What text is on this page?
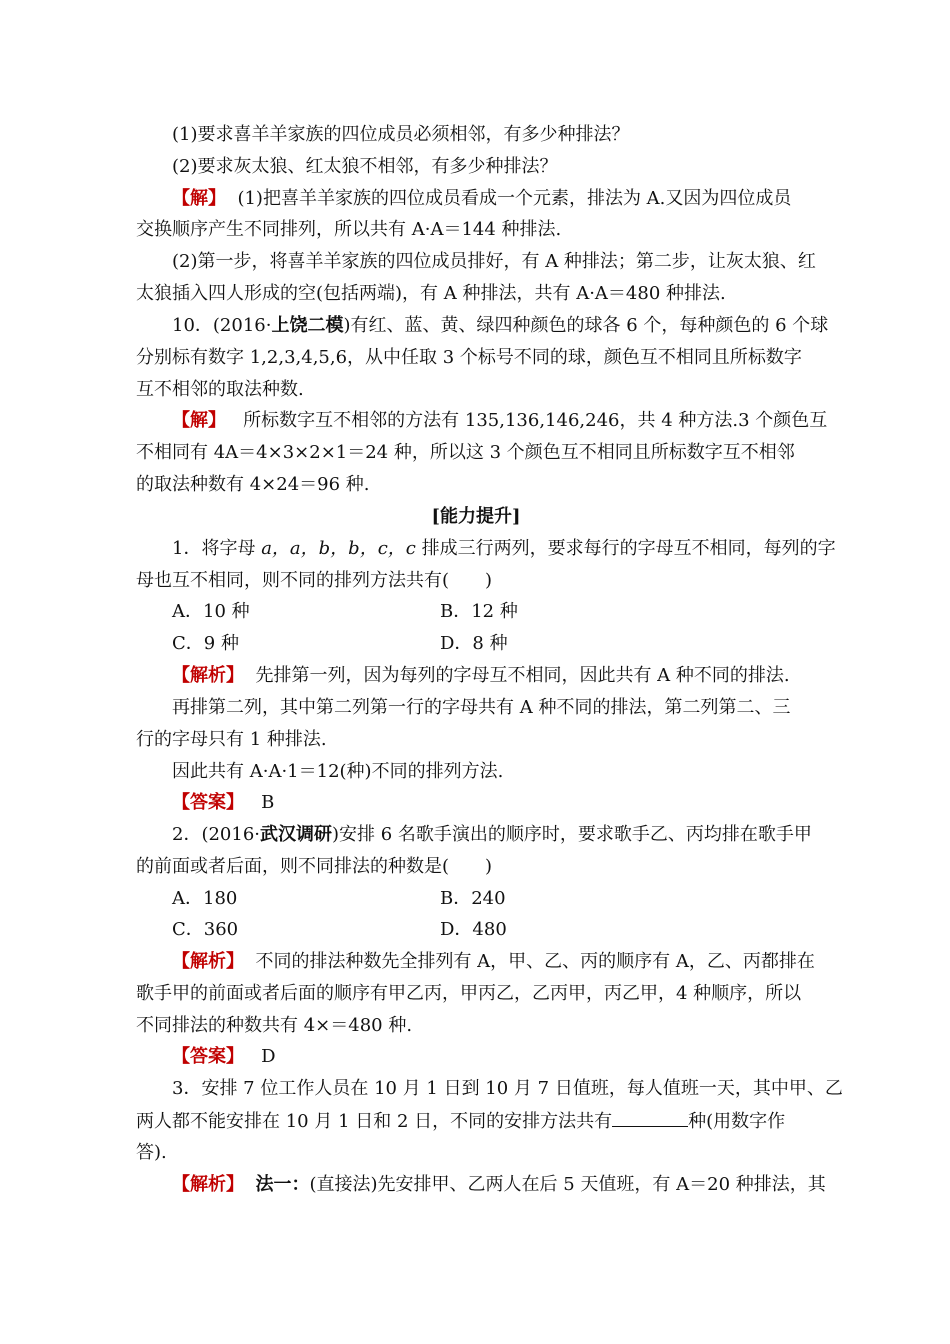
(1)要求喜羊羊家族的四位成员必须相邻，有多少种排法？
(2)要求灰太狼、红太狼不相邻，有多少种排法？
【解】 (1)把喜羊羊家族的四位成员看成一个元素，排法为 A.又因为四位成员
交换顺序产生不同排列，所以共有 A·A＝144 种排法.
(2)第一步，将喜羊羊家族的四位成员排好，有 A 种排法；第二步，让灰太狼、红
太狼插入四人形成的空(包括两端)，有 A 种排法，共有 A·A＝480 种排法.
10．(2016·上饶二模)有红、蓝、黄、绿四种颜色的球各 6 个，每种颜色的 6 个球
分别标有数字 1,2,3,4,5,6，从中任取 3 个标号不同的球，颜色互不相同且所标数字
互不相邻的取法种数.
【解】 所标数字互不相邻的方法有 135,136,146,246，共 4 种方法.3 个颜色互
不相同有 4A＝4×3×2×1＝24 种，所以这 3 个颜色互不相同且所标数字互不相邻
的取法种数有 4×24＝96 种.
[能力提升]
1．将字母 a，a，b，b，c，c 排成三行两列，要求每行的字母互不相同，每列的字
母也互不相同，则不同的排列方法共有(　　)
A．10 种	B．12 种
C．9 种	D．8 种
【解析】 先排第一列，因为每列的字母互不相同，因此共有 A 种不同的排法.
再排第二列，其中第二列第一行的字母共有 A 种不同的排法，第二列第二、三
行的字母只有 1 种排法.
因此共有 A·A·1＝12(种)不同的排列方法.
【答案】 B
2．(2016·武汉调研)安排 6 名歌手演出的顺序时，要求歌手乙、丙均排在歌手甲
的前面或者后面，则不同排法的种数是(　　)
A．180	B．240
C．360	D．480
【解析】 不同的排法种数先全排列有 A，甲、乙、丙的顺序有 A，乙、丙都排在
歌手甲的前面或者后面的顺序有甲乙丙，甲丙乙，乙丙甲，丙乙甲，4 种顺序，所以
不同排法的种数共有 4×＝480 种.
【答案】 D
3．安排 7 位工作人员在 10 月 1 日到 10 月 7 日值班，每人值班一天，其中甲、乙
两人都不能安排在 10 月 1 日和 2 日，不同的安排方法共有	种(用数字作
答).
【解析】 法一：(直接法)先安排甲、乙两人在后 5 天值班，有 A＝20 种排法，其
